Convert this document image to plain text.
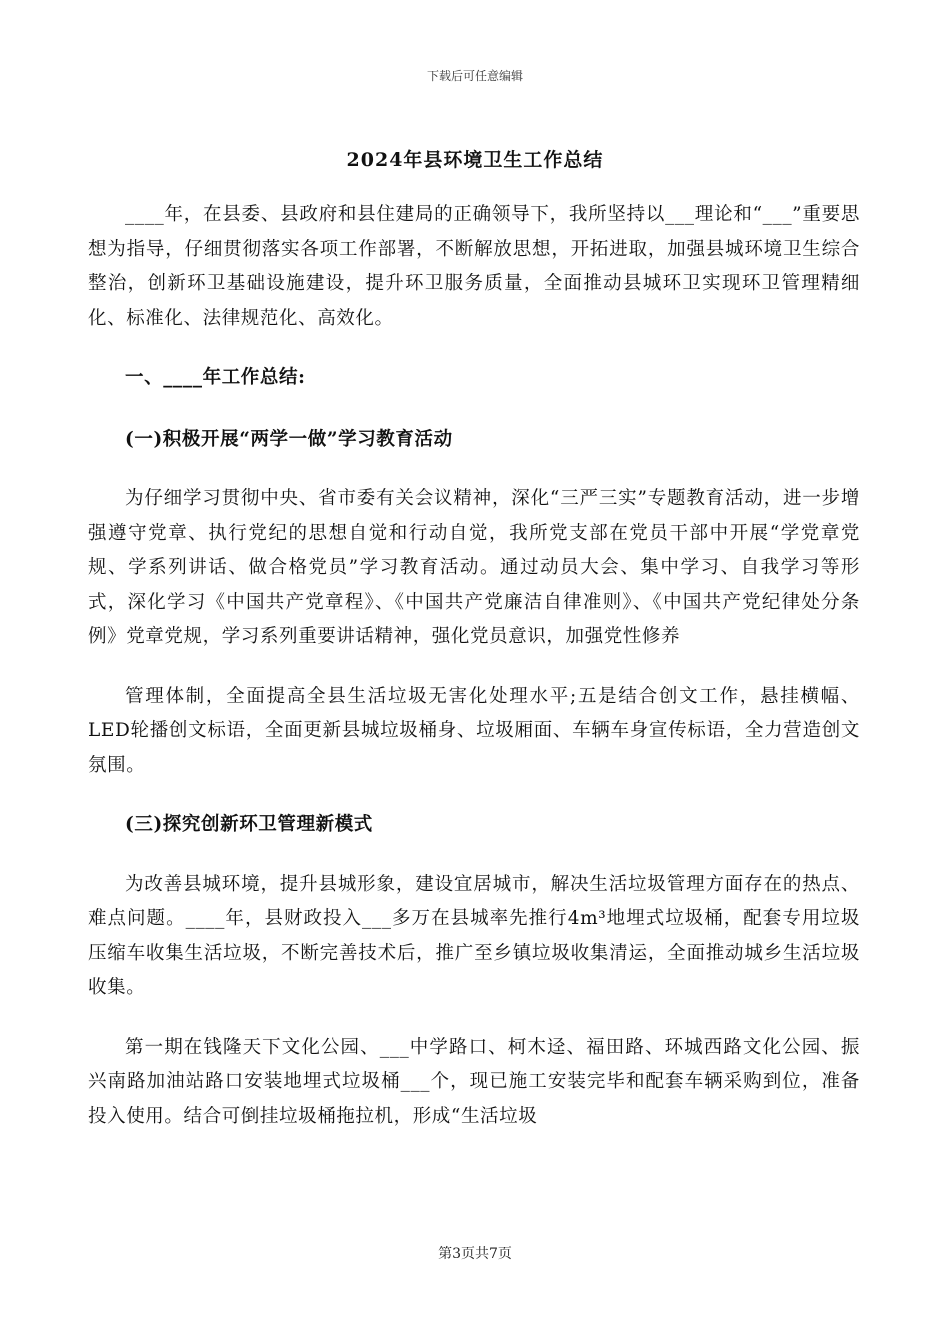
下载后可任意编辑
2024年县环境卫生工作总结

____年，在县委、县政府和县住建局的正确领导下，我所坚持以___理论和“___”重要思想为指导，仔细贯彻落实各项工作部署，不断解放思想，开拓进取，加强县城环境卫生综合整治，创新环卫基础设施建设，提升环卫服务质量，全面推动县城环卫实现环卫管理精细化、标准化、法律规范化、高效化。

一、____年工作总结:

(一)积极开展“两学一做”学习教育活动

为仔细学习贯彻中央、省市委有关会议精神，深化“三严三实”专题教育活动，进一步增强遵守党章、执行党纪的思想自觉和行动自觉，我所党支部在党员干部中开展“学党章党规、学系列讲话、做合格党员”学习教育活动。通过动员大会、集中学习、自我学习等形式，深化学习《中国共产党章程》、《中国共产党廉洁自律准则》、《中国共产党纪律处分条例》党章党规，学习系列重要讲话精神，强化党员意识，加强党性修养

管理体制，全面提高全县生活垃圾无害化处理水平;五是结合创文工作，悬挂横幅、LED轮播创文标语，全面更新县城垃圾桶身、垃圾厢面、车辆车身宣传标语，全力营造创文氛围。

(三)探究创新环卫管理新模式

为改善县城环境，提升县城形象，建设宜居城市，解决生活垃圾管理方面存在的热点、难点问题。____年，县财政投入___多万在县城率先推行4m³地埋式垃圾桶，配套专用垃圾压缩车收集生活垃圾，不断完善技术后，推广至乡镇垃圾收集清运，全面推动城乡生活垃圾收集。

第一期在钱隆天下文化公园、___中学路口、柯木迳、福田路、环城西路文化公园、振兴南路加油站路口安装地埋式垃圾桶___个，现已施工安装完毕和配套车辆采购到位，准备投入使用。结合可倒挂垃圾桶拖拉机，形成“生活垃圾

第3页共7页
